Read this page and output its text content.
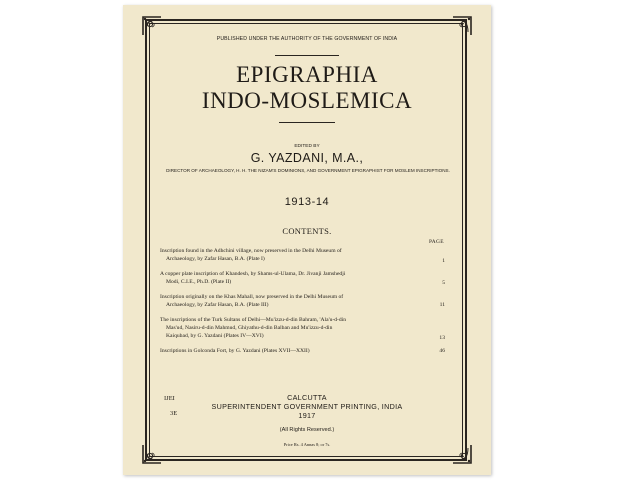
PUBLISHED UNDER THE AUTHORITY OF THE GOVERNMENT OF INDIA
EPIGRAPHIA
INDO-MOSLEMICA
EDITED BY
G. YAZDANI, M.A.,
DIRECTOR OF ARCHAEOLOGY, H. H. THE NIZAM'S DOMINIONS, AND GOVERNMENT EPIGRAPHIST FOR MOSLEM INSCRIPTIONS.
1913-14
CONTENTS.
PAGE
Inscription found in the Adhchini village, now preserved in the Delhi Museum of
Archaeology, by Zafar Hasan, B.A. (Plate I)	1
A copper plate inscription of Khandesh, by Shams-ul-Ulama, Dr. Jivanji Jamshedji
Modi, C.I.E., Ph.D. (Plate II)	5
Inscription originally on the Khas Mahall, now preserved in the Delhi Museum of
Archaeology, by Zafar Hasan, B.A. (Plate III)	11
The inscriptions of the Turk Sultans of Delhi—Mu'izzu-d-din Bahram, 'Ala'u-d-din
Mas'ud, Nasiru-d-din Mahmud, Ghiyathu-d-din Balban and Mu'izzu-d-din
Kaiqubad, by G. Yazdani (Plates IV—XVI)	13
Inscriptions in Golconda Fort, by G. Yazdani (Plates XVII—XXII)	46
IJEI
3E
CALCUTTA
SUPERINTENDENT GOVERNMENT PRINTING, INDIA
1917
(All Rights Reserved.)
Price Rs. 4 Annas 8; or 7s.
